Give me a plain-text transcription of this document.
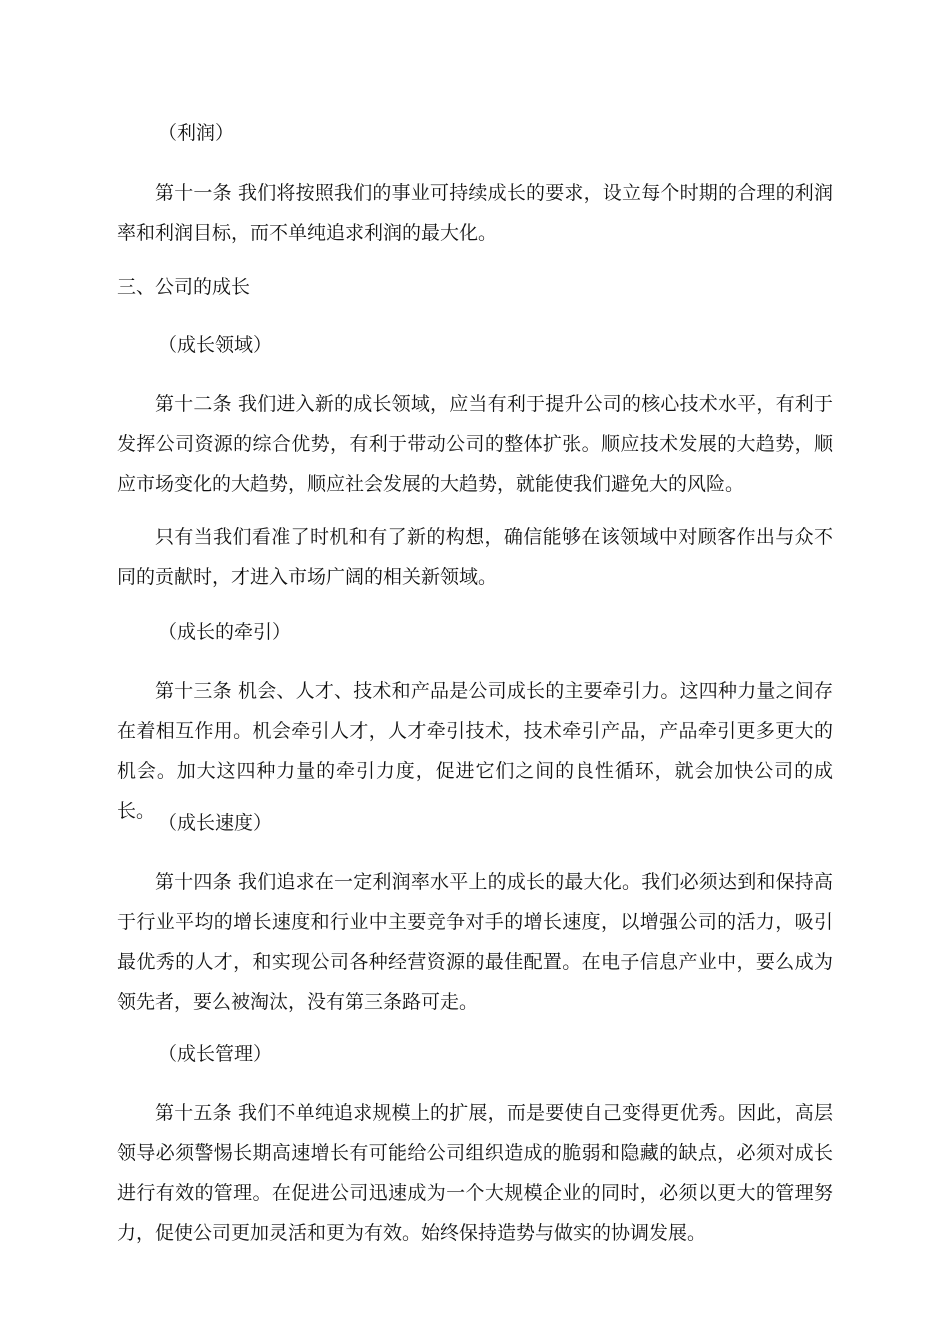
（利润）
第十一条 我们将按照我们的事业可持续成长的要求，设立每个时期的合理的利润率和利润目标，而不单纯追求利润的最大化。
三、公司的成长
（成长领域）
第十二条 我们进入新的成长领域，应当有利于提升公司的核心技术水平，有利于发挥公司资源的综合优势，有利于带动公司的整体扩张。顺应技术发展的大趋势，顺应市场变化的大趋势，顺应社会发展的大趋势，就能使我们避免大的风险。
只有当我们看准了时机和有了新的构想，确信能够在该领域中对顾客作出与众不同的贡献时，才进入市场广阔的相关新领域。
（成长的牵引）
第十三条 机会、人才、技术和产品是公司成长的主要牵引力。这四种力量之间存在着相互作用。机会牵引人才，人才牵引技术，技术牵引产品，产品牵引更多更大的机会。加大这四种力量的牵引力度，促进它们之间的良性循环，就会加快公司的成长。
（成长速度）
第十四条 我们追求在一定利润率水平上的成长的最大化。我们必须达到和保持高于行业平均的增长速度和行业中主要竞争对手的增长速度，以增强公司的活力，吸引最优秀的人才，和实现公司各种经营资源的最佳配置。在电子信息产业中，要么成为领先者，要么被淘汰，没有第三条路可走。
（成长管理）
第十五条 我们不单纯追求规模上的扩展，而是要使自己变得更优秀。因此，高层领导必须警惕长期高速增长有可能给公司组织造成的脆弱和隐藏的缺点，必须对成长进行有效的管理。在促进公司迅速成为一个大规模企业的同时，必须以更大的管理努力，促使公司更加灵活和更为有效。始终保持造势与做实的协调发展。
